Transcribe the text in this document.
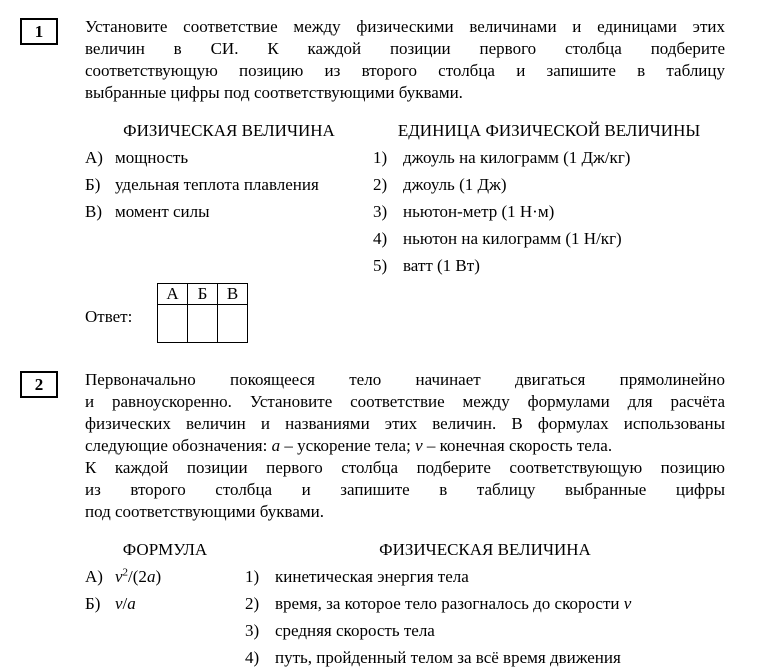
1	Установите соответствие между физическими величинами и единицами этих
величин в СИ. К каждой позиции первого столбца подберите
соответствующую позицию из второго столбца и запишите в таблицу
выбранные цифры под соответствующими буквами.
ФИЗИЧЕСКАЯ ВЕЛИЧИНА	ЕДИНИЦА ФИЗИЧЕСКОЙ ВЕЛИЧИНЫ
А) мощность
Б) удельная теплота плавления
В) момент силы
1) джоуль на килограмм (1 Дж/кг)
2) джоуль (1 Дж)
3) ньютон-метр (1 Н·м)
4) ньютон на килограмм (1 Н/кг)
5) ватт (1 Вт)
Ответ:
А	Б	В

2	Первоначально покоящееся тело начинает двигаться прямолинейно
и равноускоренно. Установите соответствие между формулами для расчёта
физических величин и названиями этих величин. В формулах использованы
следующие обозначения: a – ускорение тела; v – конечная скорость тела.
К каждой позиции первого столбца подберите соответствующую позицию
из второго столбца и запишите в таблицу выбранные цифры
под соответствующими буквами.
ФОРМУЛА	ФИЗИЧЕСКАЯ ВЕЛИЧИНА
А) $v^2/(2a)$
Б) v/a
1) кинетическая энергия тела
2) время, за которое тело разогналось до скорости v
3) средняя скорость тела
4) путь, пройденный телом за всё время движения
